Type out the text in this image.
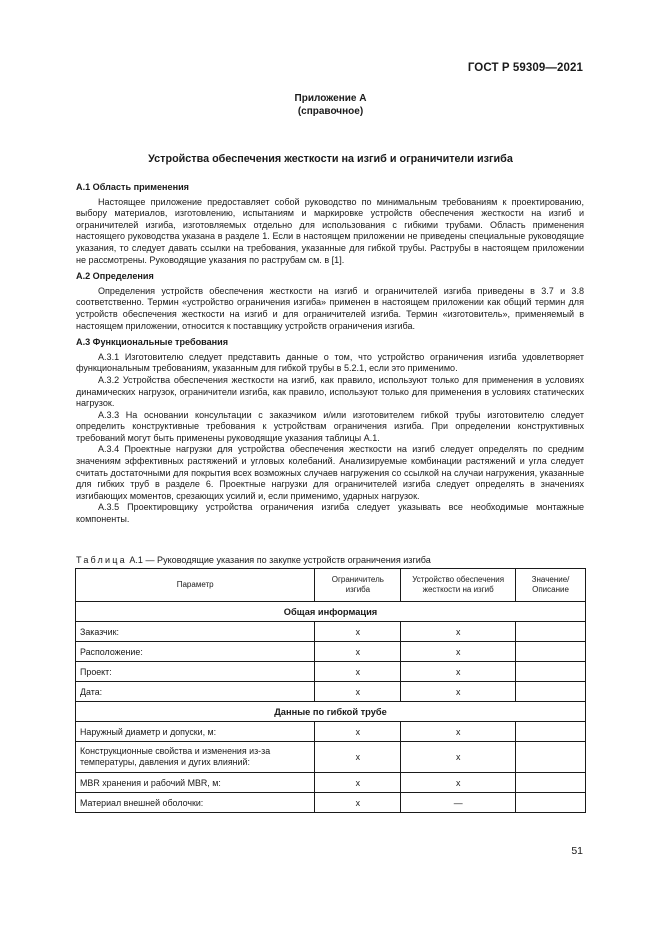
ГОСТ Р 59309—2021
Приложение А
(справочное)
Устройства обеспечения жесткости на изгиб и ограничители изгиба
А.1 Область применения

Настоящее приложение предоставляет собой руководство по минимальным требованиям к проектированию, выбору материалов, изготовлению, испытаниям и маркировке устройств обеспечения жесткости на изгиб и ограничителей изгиба, изготовляемых отдельно для использования с гибкими трубами. Область применения настоящего руководства указана в разделе 1. Если в настоящем приложении не приведены специальные руководящие указания, то следует давать ссылки на требования, указанные для гибкой трубы. Раструбы в настоящем приложении не рассмотрены. Руководящие указания по раструбам см. в [1].

А.2 Определения

Определения устройств обеспечения жесткости на изгиб и ограничителей изгиба приведены в 3.7 и 3.8 соответственно. Термин «устройство ограничения изгиба» применен в настоящем приложении как общий термин для устройств обеспечения жесткости на изгиб и для ограничителей изгиба. Термин «изготовитель», применяемый в настоящем приложении, относится к поставщику устройств ограничения изгиба.

А.3 Функциональные требования

А.3.1 Изготовителю следует представить данные о том, что устройство ограничения изгиба удовлетворяет функциональным требованиям, указанным для гибкой трубы в 5.2.1, если это применимо.

А.3.2 Устройства обеспечения жесткости на изгиб, как правило, используют только для применения в условиях динамических нагрузок, ограничители изгиба, как правило, используют только для применения в условиях статических нагрузок.

А.3.3 На основании консультации с заказчиком и/или изготовителем гибкой трубы изготовителю следует определить конструктивные требования к устройствам ограничения изгиба. При определении конструктивных требований могут быть применены руководящие указания таблицы А.1.

А.3.4 Проектные нагрузки для устройства обеспечения жесткости на изгиб следует определять по средним значениям эффективных растяжений и угловых колебаний. Анализируемые комбинации растяжений и угла следует считать достаточными для покрытия всех возможных случаев нагружения со ссылкой на случаи нагружения, указанные для гибких труб в разделе 6. Проектные нагрузки для ограничителей изгиба следует определять в значениях изгибающих моментов, срезающих усилий и, если применимо, ударных нагрузок.

А.3.5 Проектировщику устройства ограничения изгиба следует указывать все необходимые монтажные компоненты.

Таблица А.1 — Руководящие указания по закупке устройств ограничения изгиба
Параметр	Ограничитель изгиба	Устройство обеспечения жесткости на изгиб	Значение/ Описание
Общая информация			
Заказчик:	x	x	
Расположение:	x	x	
Проект:	x	x	
Дата:	x	x	
Данные по гибкой трубе			
Наружный диаметр и допуски, м:	x	x	
Конструкционные свойства и изменения из-за температуры, давления и дугих влияний:	x	x	
MBR хранения и рабочий MBR, м:	x	x	
Материал внешней оболочки:	x	—	
51
